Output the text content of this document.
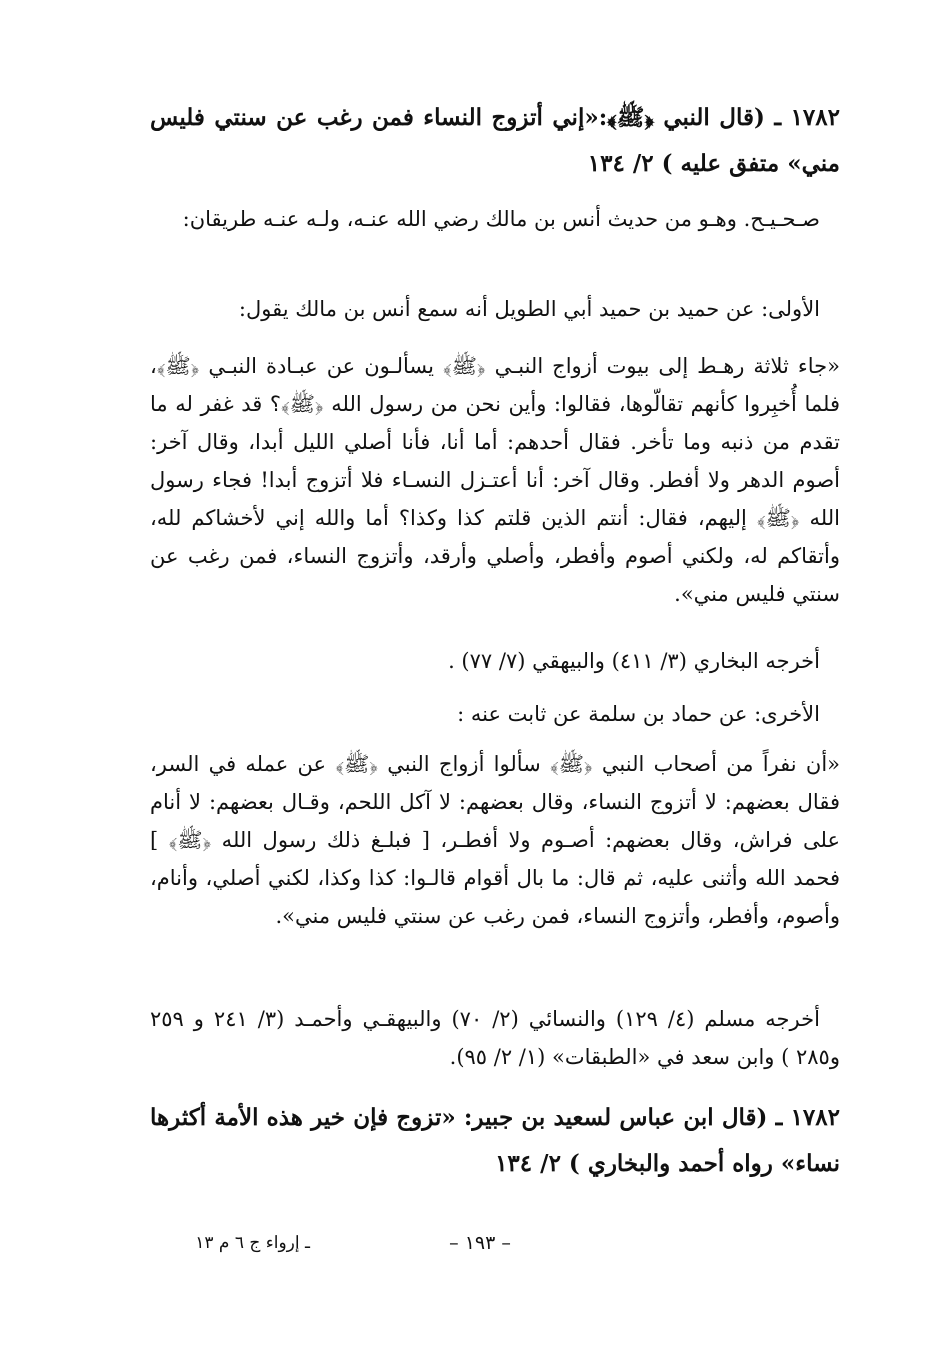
١٧٨٢ ـ (قال النبي ﴿ﷺ﴾:«إني أتزوج النساء فمن رغب عن سنتي فليس مني» متفق عليه ) ٢/ ١٣٤

صـحـيـح. وهـو من حديث أنس بن مالك رضي الله عنـه، ولـه عنـه طريقان:

الأولى: عن حميد بن حميد أبي الطويل أنه سمع أنس بن مالك يقول:

«جاء ثلاثة رهـط إلى بيوت أزواج النبـي ﴿ﷺ﴾ يسألـون عن عبـادة النبـي ﴿ﷺ﴾، فلما أُخبِروا كأنهم تقالّوها، فقالوا: وأين نحن من رسول الله ﴿ﷺ﴾؟ قد غفر له ما تقدم من ذنبه وما تأخر. فقال أحدهم: أما أنا، فأنا أصلي الليل أبدا، وقال آخر: أصوم الدهر ولا أفطر. وقال آخر: أنا أعتـزل النسـاء فلا أتزوج أبدا! فجاء رسول الله ﴿ﷺ﴾ إليهم، فقال: أنتم الذين قلتم كذا وكذا؟ أما والله إني لأخشاكم لله، وأتقاكم له، ولكني أصوم وأفطر، وأصلي وأرقد، وأتزوج النساء، فمن رغب عن سنتي فليس مني».

أخرجه البخاري (٣/ ٤١١) والبيهقي (٧/ ٧٧) .

الأخرى: عن حماد بن سلمة عن ثابت عنه :

«أن نفراً من أصحاب النبي ﴿ﷺ﴾ سألوا أزواج النبي ﴿ﷺ﴾ عن عمله في السر، فقال بعضهم: لا أتزوج النساء، وقال بعضهم: لا آكل اللحم، وقـال بعضهم: لا أنام على فراش، وقال بعضهم: أصـوم ولا أفطـر، [ فبلـغ ذلك رسول الله ﴿ﷺ﴾ ] فحمد الله وأثنى عليه، ثم قال: ما بال أقوام قالـوا: كذا وكذا، لكني أصلي، وأنام، وأصوم، وأفطر، وأتزوج النساء، فمن رغب عن سنتي فليس مني».

أخرجه مسلم (٤/ ١٢٩) والنسائي (٢/ ٧٠) والبيهقـي وأحمـد (٣/ ٢٤١ و ٢٥٩ و٢٨٥ ) وابن سعد في «الطبقات» (١/ ٢/ ٩٥).

١٧٨٢ ـ (قال ابن عباس لسعيد بن جبير: «تزوج فإن خير هذه الأمة أكثرها نساء» رواه أحمد والبخاري ) ٢/ ١٣٤

– ١٩٣ –
ـ إرواء ج ٦ م ١٣
